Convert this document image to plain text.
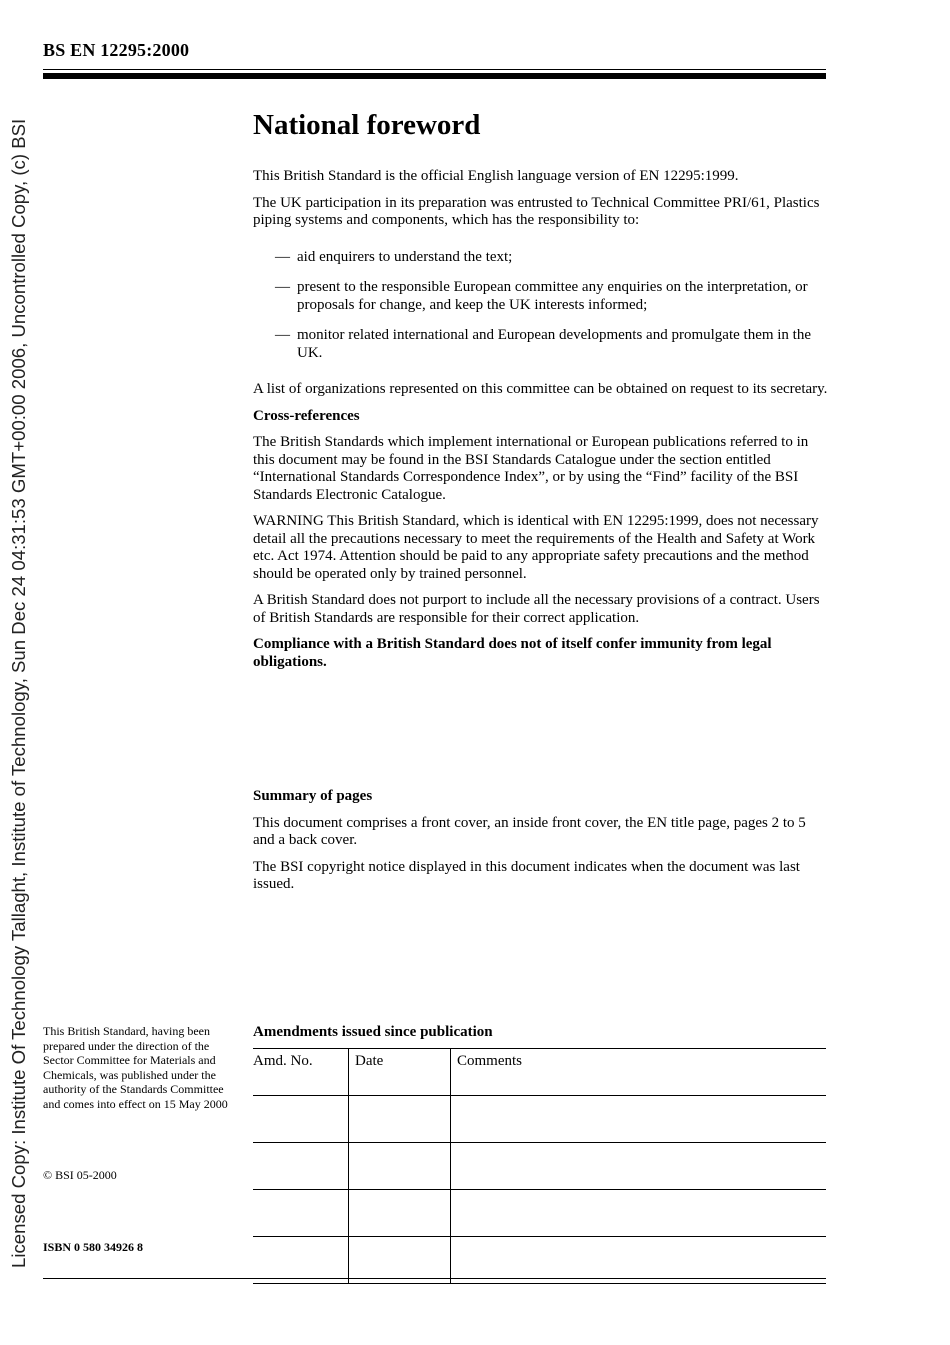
BS EN 12295:2000
Licensed Copy: Institute Of Technology Tallaght, Institute of Technology, Sun Dec 24 04:31:53 GMT+00:00 2006, Uncontrolled Copy, (c) BSI	National foreword

This British Standard is the official English language version of EN 12295:1999.

The UK participation in its preparation was entrusted to Technical Committee PRI/61, Plastics piping systems and components, which has the responsibility to:

— aid enquirers to understand the text;
— present to the responsible European committee any enquiries on the interpretation, or proposals for change, and keep the UK interests informed;
— monitor related international and European developments and promulgate them in the UK.

A list of organizations represented on this committee can be obtained on request to its secretary.

Cross-references

The British Standards which implement international or European publications referred to in this document may be found in the BSI Standards Catalogue under the section entitled “International Standards Correspondence Index”, or by using the “Find” facility of the BSI Standards Electronic Catalogue.

WARNING This British Standard, which is identical with EN 12295:1999, does not necessary detail all the precautions necessary to meet the requirements of the Health and Safety at Work etc. Act 1974. Attention should be paid to any appropriate safety precautions and the method should be operated only by trained personnel.

A British Standard does not purport to include all the necessary provisions of a contract. Users of British Standards are responsible for their correct application.

Compliance with a British Standard does not of itself confer immunity from legal obligations.

Summary of pages

This document comprises a front cover, an inside front cover, the EN title page, pages 2 to 5 and a back cover.

The BSI copyright notice displayed in this document indicates when the document was last issued.

This British Standard, having been prepared under the direction of the Sector Committee for Materials and Chemicals, was published under the authority of the Standards Committee and comes into effect on 15 May 2000
© BSI 05-2000
ISBN 0 580 34926 8
Amendments issued since publication
Amd. No.	Date	Comments
